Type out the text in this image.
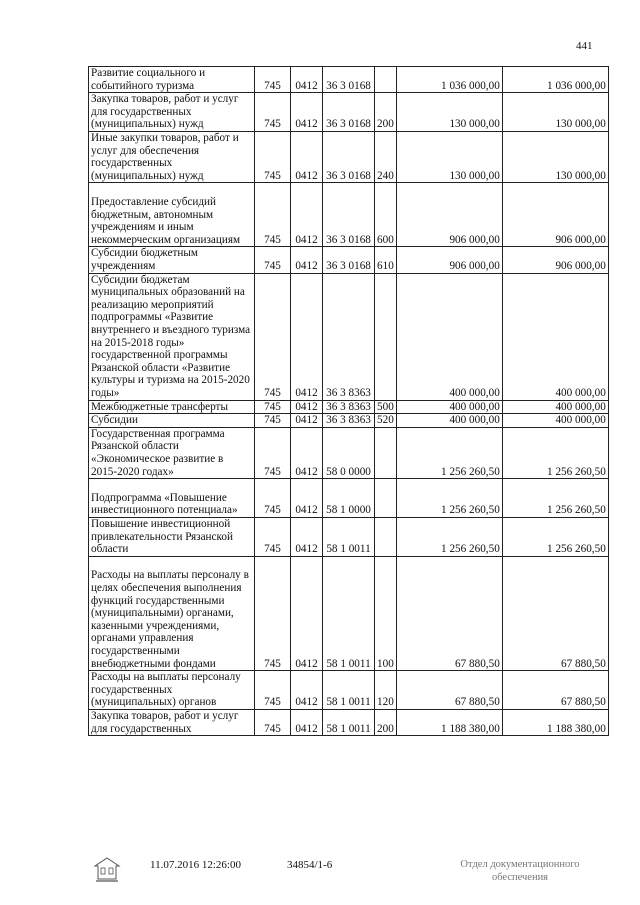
441
Развитие социального и событийного туризма	745	0412	36 3 0168		1 036 000,00	1 036 000,00
Закупка товаров, работ и услуг для государственных (муниципальных) нужд	745	0412	36 3 0168	200	130 000,00	130 000,00
Иные закупки товаров, работ и услуг для обеспечения государственных (муниципальных) нужд	745	0412	36 3 0168	240	130 000,00	130 000,00
Предоставление субсидий бюджетным, автономным учреждениям и иным некоммерческим организациям	745	0412	36 3 0168	600	906 000,00	906 000,00
Субсидии бюджетным учреждениям	745	0412	36 3 0168	610	906 000,00	906 000,00
Субсидии бюджетам муниципальных образований на реализацию мероприятий подпрограммы «Развитие внутреннего и въездного туризма на 2015-2018 годы» государственной программы Рязанской области «Развитие культуры и туризма на 2015-2020 годы»	745	0412	36 3 8363		400 000,00	400 000,00
Межбюджетные трансферты	745	0412	36 3 8363	500	400 000,00	400 000,00
Субсидии	745	0412	36 3 8363	520	400 000,00	400 000,00
Государственная программа Рязанской области «Экономическое развитие в 2015-2020 годах»	745	0412	58 0 0000		1 256 260,50	1 256 260,50
Подпрограмма «Повышение инвестиционного потенциала»	745	0412	58 1 0000		1 256 260,50	1 256 260,50
Повышение инвестиционной привлекательности Рязанской области	745	0412	58 1 0011		1 256 260,50	1 256 260,50
Расходы на выплаты персоналу в целях обеспечения выполнения функций государственными (муниципальными) органами, казенными учреждениями, органами управления государственными внебюджетными фондами	745	0412	58 1 0011	100	67 880,50	67 880,50
Расходы на выплаты персоналу государственных (муниципальных) органов	745	0412	58 1 0011	120	67 880,50	67 880,50
Закупка товаров, работ и услуг для государственных	745	0412	58 1 0011	200	1 188 380,00	1 188 380,00
11.07.2016 12:26:00	34854/1-6	Отдел документационного обеспечения
